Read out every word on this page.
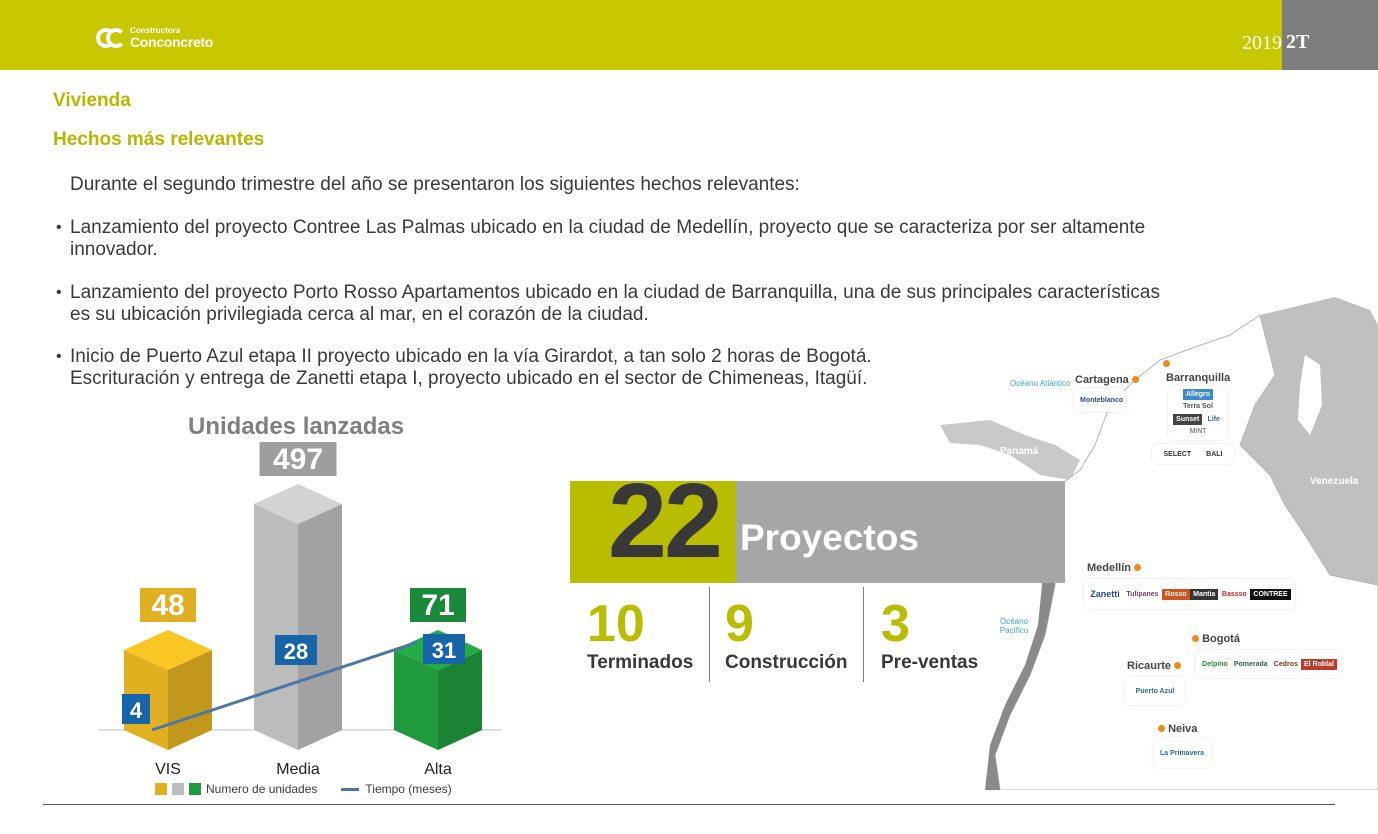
Constructora
Conconcreto	2019 2T
Vivienda
Hechos más relevantes
Durante el segundo trimestre del año se presentaron los siguientes hechos relevantes:
• Lanzamiento del proyecto Contree Las Palmas ubicado en la ciudad de Medellín, proyecto que se caracteriza por ser altamente
innovador.
• Lanzamiento del proyecto Porto Rosso Apartamentos ubicado en la ciudad de Barranquilla, una de sus principales características
es su ubicación privilegiada cerca al mar, en el corazón de la ciudad.
• Inicio de Puerto Azul etapa II proyecto ubicado en la vía Girardot, a tan solo 2 horas de Bogotá.
Escrituración y entrega de Zanetti etapa I, proyecto ubicado en el sector de Chimeneas, Itagüí.
Unidades lanzadas
48
VIS
497
Media
71
Alta
4
28	31
Numero de unidades	Tiempo (meses)
Océano Atlántico
Océano Pacífico
Panamá
Venezuela
Cartagena
Monteblanco
Barranquilla
Allegro
Terra Sol
Sunset	Life
MINT
SELECT	BALI
Medellín
Zanetti Tulipanes Rosso Mantia Bassso CONTREE
Bogotá
Delpino Pomerada Cedros El Roblal
Ricaurte
Puerto Azul
Neiva
La Primavera
22 Proyectos
10
Terminados
9
Construcción
3
Pre-ventas
